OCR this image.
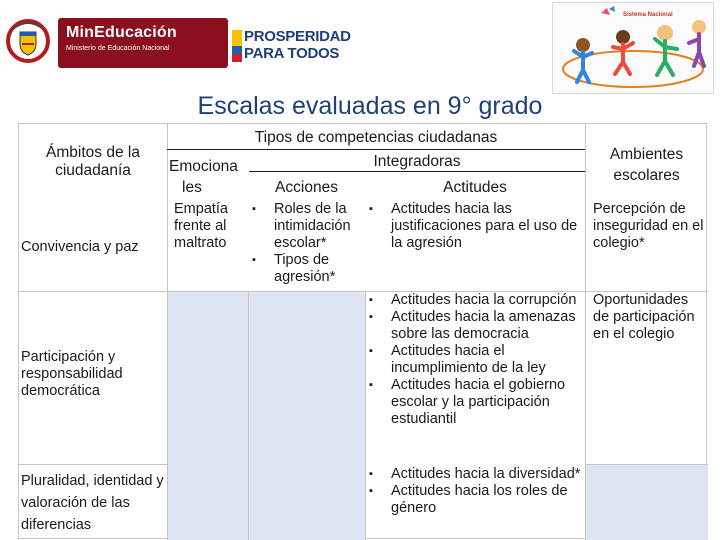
MinEducación
Ministerio de Educación Nacional
PROSPERIDAD
PARA TODOS
Sistema Nacional
Escalas evaluadas en 9° grado
Ámbitos de la ciudadanía
Tipos de competencias ciudadanas
Integradoras
Emociona
les	Acciones	Actitudes
Ambientes escolares
Convivencia y paz
Empatía frente al maltrato
▪ Roles de la intimidación escolar*
▪ Tipos de agresión*
▪ Actitudes hacia las justificaciones para el uso de la agresión
Percepción de inseguridad en el colegio*
Participación y responsabilidad democrática
▪ Actitudes hacia la corrupción
▪ Actitudes hacia la amenazas sobre las democracia
▪ Actitudes hacia el incumplimiento de la ley
▪ Actitudes hacia el gobierno escolar y la participación estudiantil
Oportunidades de participación en el colegio
Pluralidad, identidad y valoración de las diferencias
▪ Actitudes hacia la diversidad*
▪ Actitudes hacia los roles de género
